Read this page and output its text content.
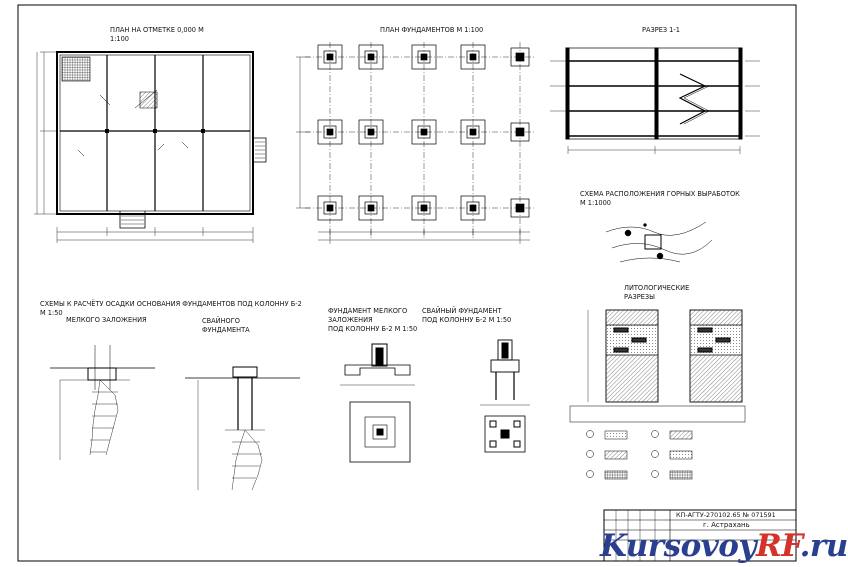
ПЛАН НА ОТМЕТКЕ 0,000 М
1:100
ПЛАН ФУНДАМЕНТОВ М 1:100	РАЗРЕЗ 1-1
СХЕМА РАСПОЛОЖЕНИЯ ГОРНЫХ ВЫРАБОТОК
М 1:1000
ЛИТОЛОГИЧЕСКИЕ
РАЗРЕЗЫ
СХЕМЫ К РАСЧЁТУ ОСАДКИ ОСНОВАНИЯ ФУНДАМЕНТОВ ПОД КОЛОННУ Б-2
М 1:50
МЕЛКОГО ЗАЛОЖЕНИЯ	СВАЙНОГО
ФУНДАМЕНТА
ФУНДАМЕНТ МЕЛКОГО
ЗАЛОЖЕНИЯ
ПОД КОЛОННУ Б-2 М 1:50
СВАЙНЫЙ ФУНДАМЕНТ
ПОД КОЛОННУ Б-2 М 1:50
КП-АГТУ-270102.65 № 071591
г. Астрахань
KursovoyRF.ru
